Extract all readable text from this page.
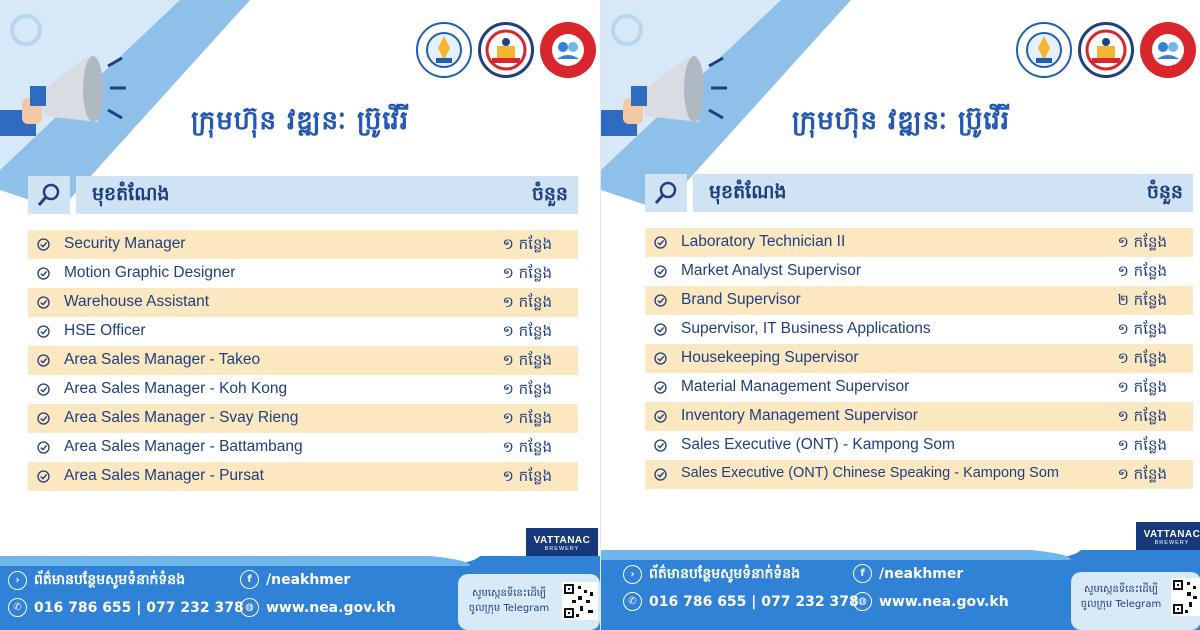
ក្រុមហ៊ុន វឌ្ឍនៈ ប្រ៊ូវើរី
មុខតំណែង	ចំនួន
Security Manager	១ កន្លែង
Motion Graphic Designer	១ កន្លែង
Warehouse Assistant	១ កន្លែង
HSE Officer	១ កន្លែង
Area Sales Manager - Takeo	១ កន្លែង
Area Sales Manager - Koh Kong	១ កន្លែង
Area Sales Manager - Svay Rieng	១ កន្លែង
Area Sales Manager - Battambang	១ កន្លែង
Area Sales Manager - Pursat	១ កន្លែង
VATTANAC
BREWERY
›	ព័ត៌មានបន្ថែមសូមទំនាក់ទំនង
✆ 016 786 655 | 077 232 378
f	/neakhmer
◍ www.nea.gov.kh
សូមស្កេនទីនេះដើម្បី
ចូលក្រុម Telegram
ក្រុមហ៊ុន វឌ្ឍនៈ ប្រ៊ូវើរី
មុខតំណែង	ចំនួន
Laboratory Technician II	១ កន្លែង
Market Analyst Supervisor	១ កន្លែង
Brand Supervisor	២ កន្លែង
Supervisor, IT Business Applications	១ កន្លែង
Housekeeping Supervisor	១ កន្លែង
Material Management Supervisor	១ កន្លែង
Inventory Management Supervisor	១ កន្លែង
Sales Executive (ONT) - Kampong Som	១ កន្លែង
Sales Executive (ONT) Chinese Speaking - Kampong Som	១ កន្លែង
VATTANAC
BREWERY
›	ព័ត៌មានបន្ថែមសូមទំនាក់ទំនង
✆ 016 786 655 | 077 232 378
f	/neakhmer
◍ www.nea.gov.kh
សូមស្កេនទីនេះដើម្បី
ចូលក្រុម Telegram
